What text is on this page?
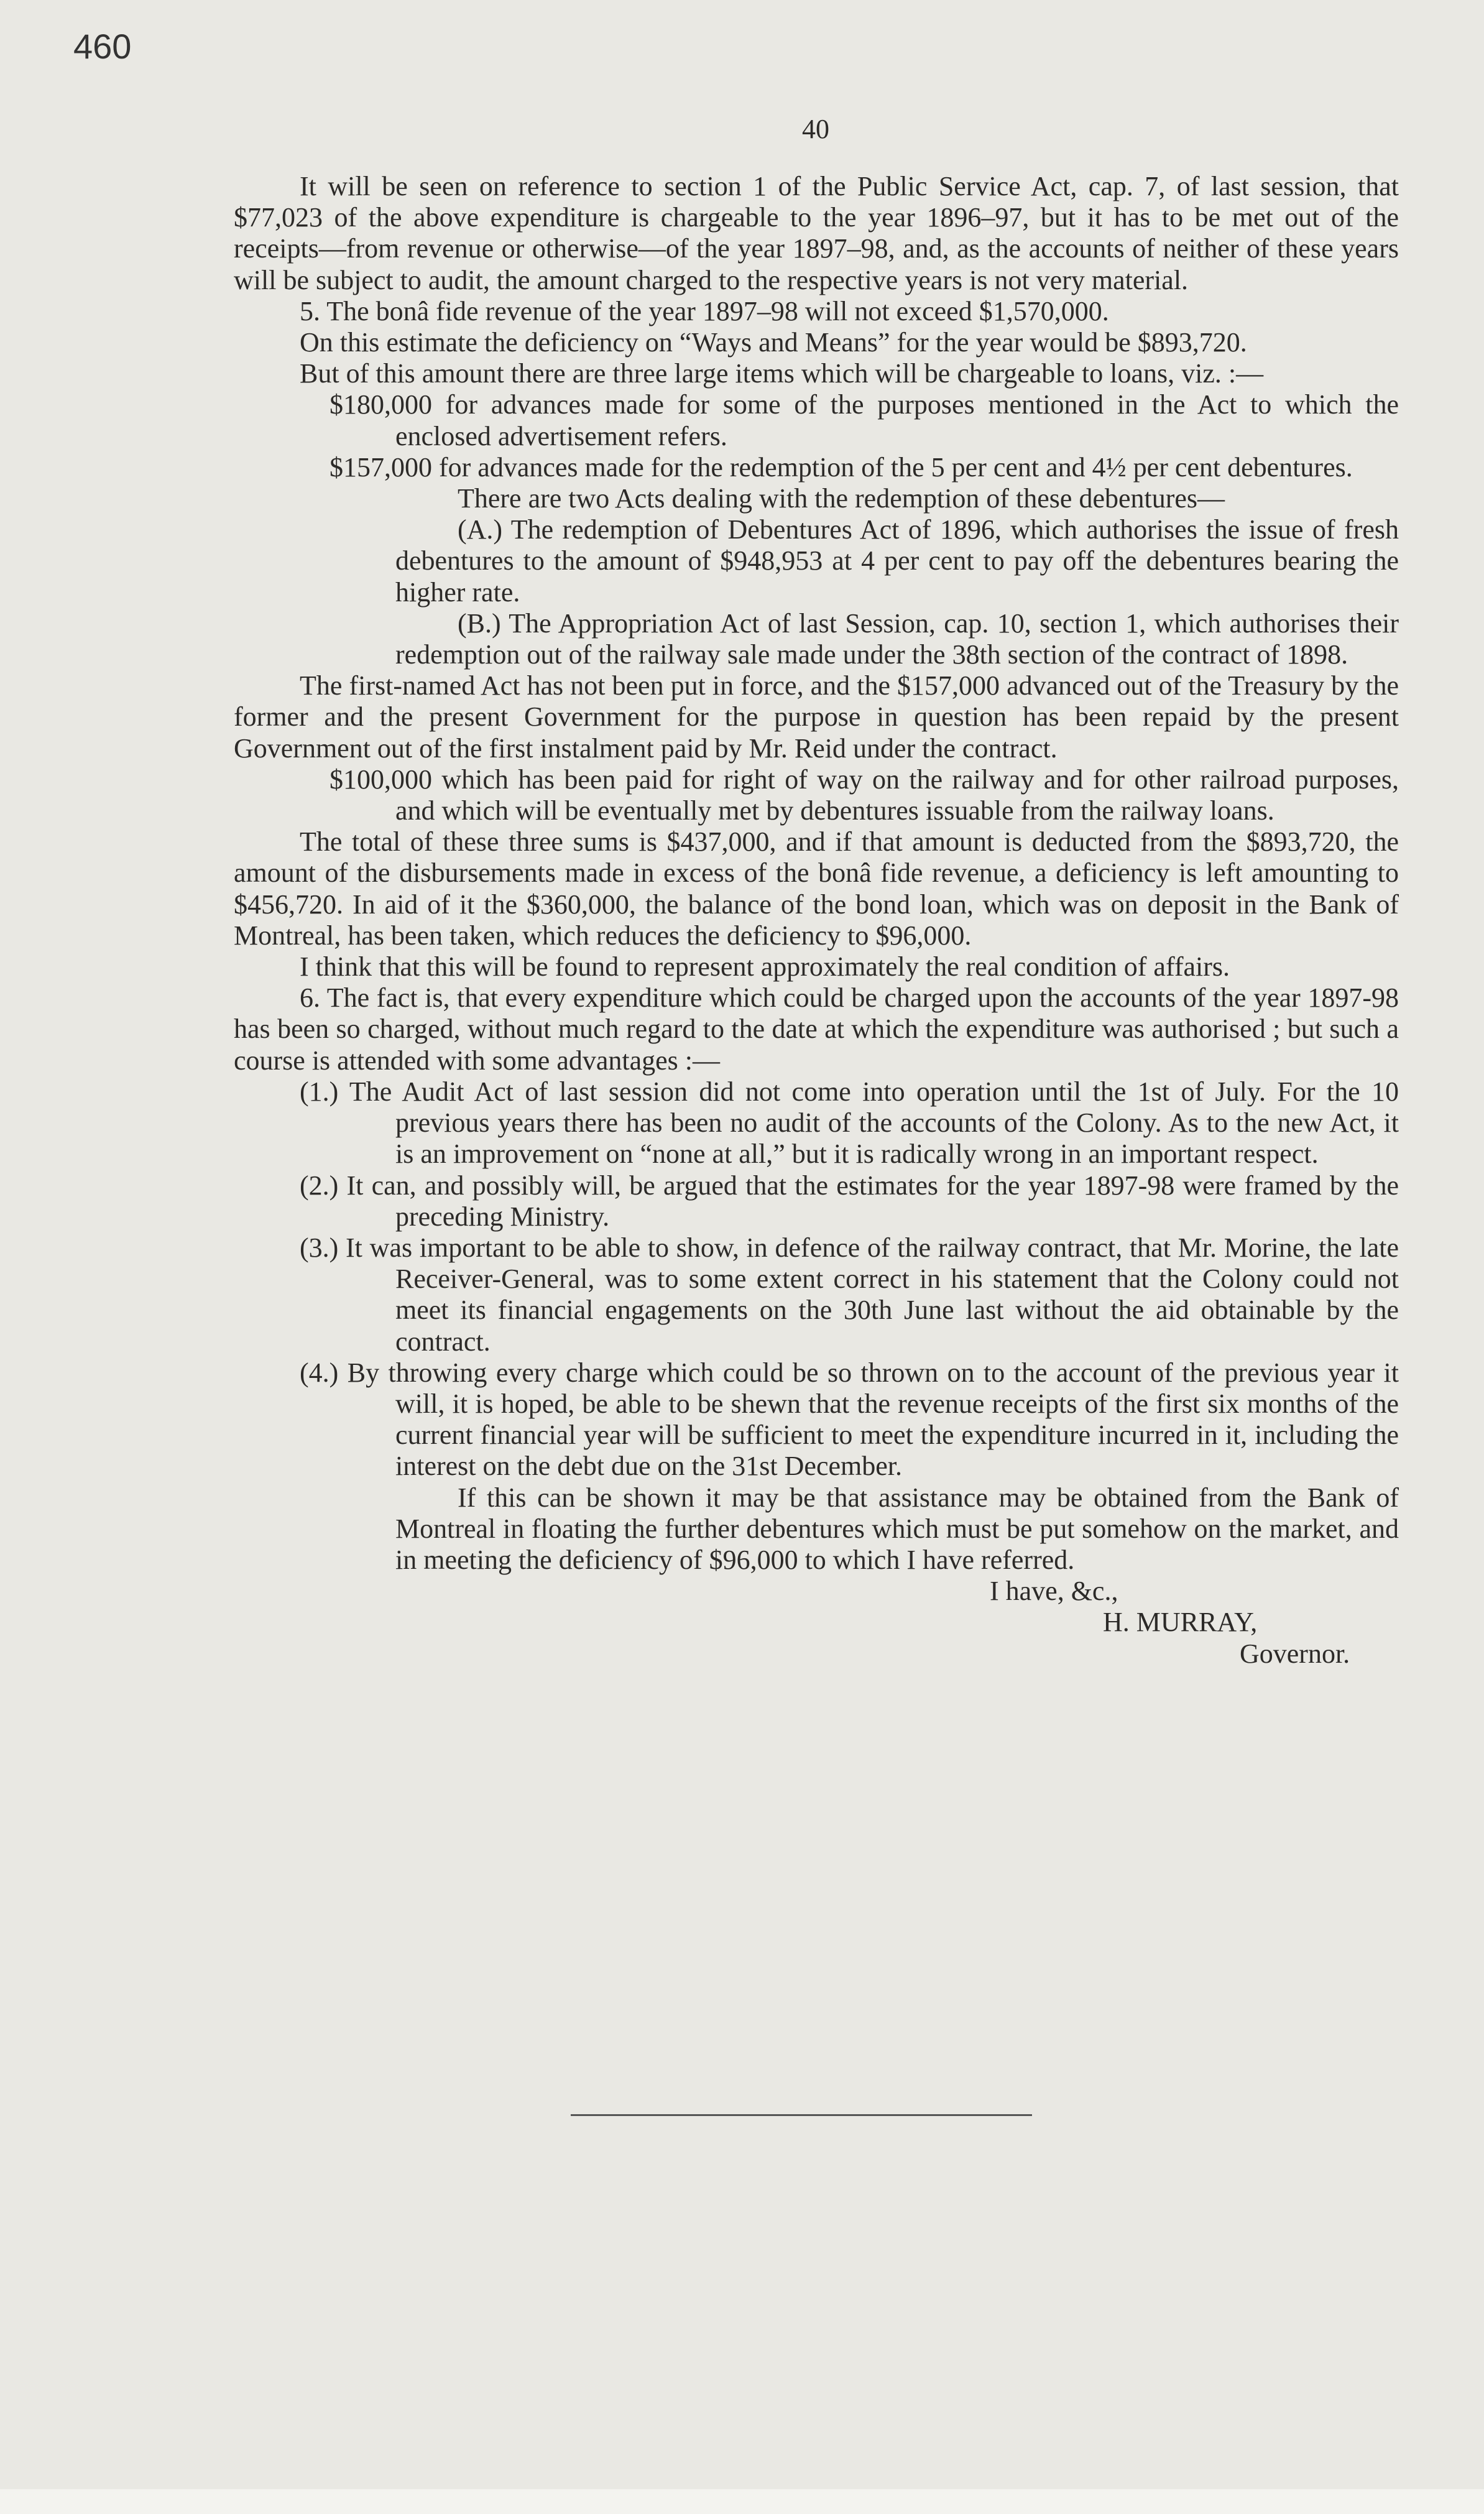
460
40

It will be seen on reference to section 1 of the Public Service Act, cap. 7, of last session, that $77,023 of the above expenditure is chargeable to the year 1896–97, but it has to be met out of the receipts—from revenue or otherwise—of the year 1897–98, and, as the accounts of neither of these years will be subject to audit, the amount charged to the respective years is not very material.

5. The bonâ fide revenue of the year 1897–98 will not exceed $1,570,000.

On this estimate the deficiency on “Ways and Means” for the year would be $893,720.

But of this amount there are three large items which will be chargeable to loans, viz. :—

$180,000 for advances made for some of the purposes mentioned in the Act to which the enclosed advertisement refers.

$157,000 for advances made for the redemption of the 5 per cent and 4½ per cent debentures.

There are two Acts dealing with the redemption of these debentures—

(A.) The redemption of Debentures Act of 1896, which authorises the issue of fresh debentures to the amount of $948,953 at 4 per cent to pay off the debentures bearing the higher rate.

(B.) The Appropriation Act of last Session, cap. 10, section 1, which authorises their redemption out of the railway sale made under the 38th section of the contract of 1898.

The first-named Act has not been put in force, and the $157,000 advanced out of the Treasury by the former and the present Government for the purpose in question has been repaid by the present Government out of the first instalment paid by Mr. Reid under the contract.

$100,000 which has been paid for right of way on the railway and for other railroad purposes, and which will be eventually met by debentures issuable from the railway loans.

The total of these three sums is $437,000, and if that amount is deducted from the $893,720, the amount of the disbursements made in excess of the bonâ fide revenue, a deficiency is left amounting to $456,720. In aid of it the $360,000, the balance of the bond loan, which was on deposit in the Bank of Montreal, has been taken, which reduces the deficiency to $96,000.

I think that this will be found to represent approximately the real condition of affairs.

6. The fact is, that every expenditure which could be charged upon the accounts of the year 1897-98 has been so charged, without much regard to the date at which the expenditure was authorised ; but such a course is attended with some advantages :—

(1.) The Audit Act of last session did not come into operation until the 1st of July. For the 10 previous years there has been no audit of the accounts of the Colony. As to the new Act, it is an improvement on “none at all,” but it is radically wrong in an important respect.

(2.) It can, and possibly will, be argued that the estimates for the year 1897-98 were framed by the preceding Ministry.

(3.) It was important to be able to show, in defence of the railway contract, that Mr. Morine, the late Receiver-General, was to some extent correct in his statement that the Colony could not meet its financial engagements on the 30th June last without the aid obtainable by the contract.

(4.) By throwing every charge which could be so thrown on to the account of the previous year it will, it is hoped, be able to be shewn that the revenue receipts of the first six months of the current financial year will be sufficient to meet the expenditure incurred in it, including the interest on the debt due on the 31st December.

If this can be shown it may be that assistance may be obtained from the Bank of Montreal in floating the further debentures which must be put somehow on the market, and in meeting the deficiency of $96,000 to which I have referred.

I have, &c.,

H. MURRAY,

Governor.
